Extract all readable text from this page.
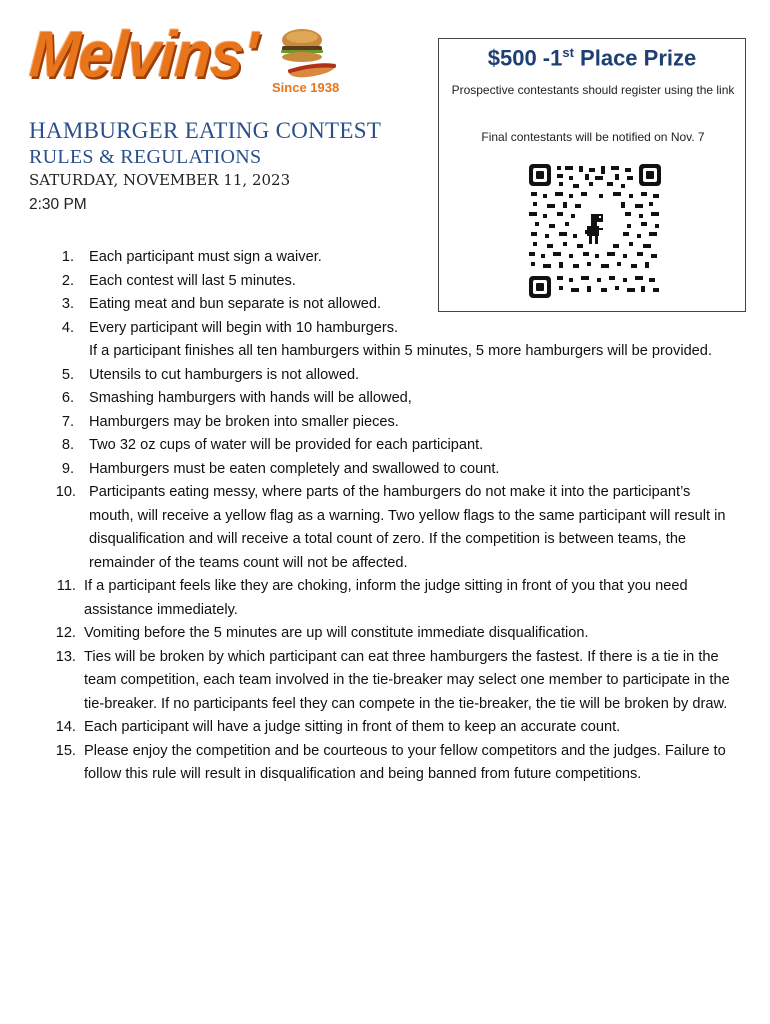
Melvins' Since 1938
HAMBURGER EATING CONTEST
RULES & REGULATIONS
SATURDAY, NOVEMBER 11, 2023
2:30 PM
$500 -1st Place Prize
Prospective contestants should register using the link
Final contestants will be notified on Nov. 7
1. Each participant must sign a waiver.
2. Each contest will last 5 minutes.
3. Eating meat and bun separate is not allowed.
4. Every participant will begin with 10 hamburgers.
If a participant finishes all ten hamburgers within 5 minutes, 5 more hamburgers will be provided.
5. Utensils to cut hamburgers is not allowed.
6. Smashing hamburgers with hands will be allowed,
7. Hamburgers may be broken into smaller pieces.
8. Two 32 oz cups of water will be provided for each participant.
9. Hamburgers must be eaten completely and swallowed to count.
10. Participants eating messy, where parts of the hamburgers do not make it into the participant’s mouth, will receive a yellow flag as a warning. Two yellow flags to the same participant will result in disqualification and will receive a total count of zero. If the competition is between teams, the remainder of the teams count will not be affected.
11. If a participant feels like they are choking, inform the judge sitting in front of you that you need assistance immediately.
12. Vomiting before the 5 minutes are up will constitute immediate disqualification.
13. Ties will be broken by which participant can eat three hamburgers the fastest. If there is a tie in the team competition, each team involved in the tie-breaker may select one member to participate in the tie-breaker. If no participants feel they can compete in the tie-breaker, the tie will be broken by draw.
14. Each participant will have a judge sitting in front of them to keep an accurate count.
15. Please enjoy the competition and be courteous to your fellow competitors and the judges. Failure to follow this rule will result in disqualification and being banned from future competitions.
